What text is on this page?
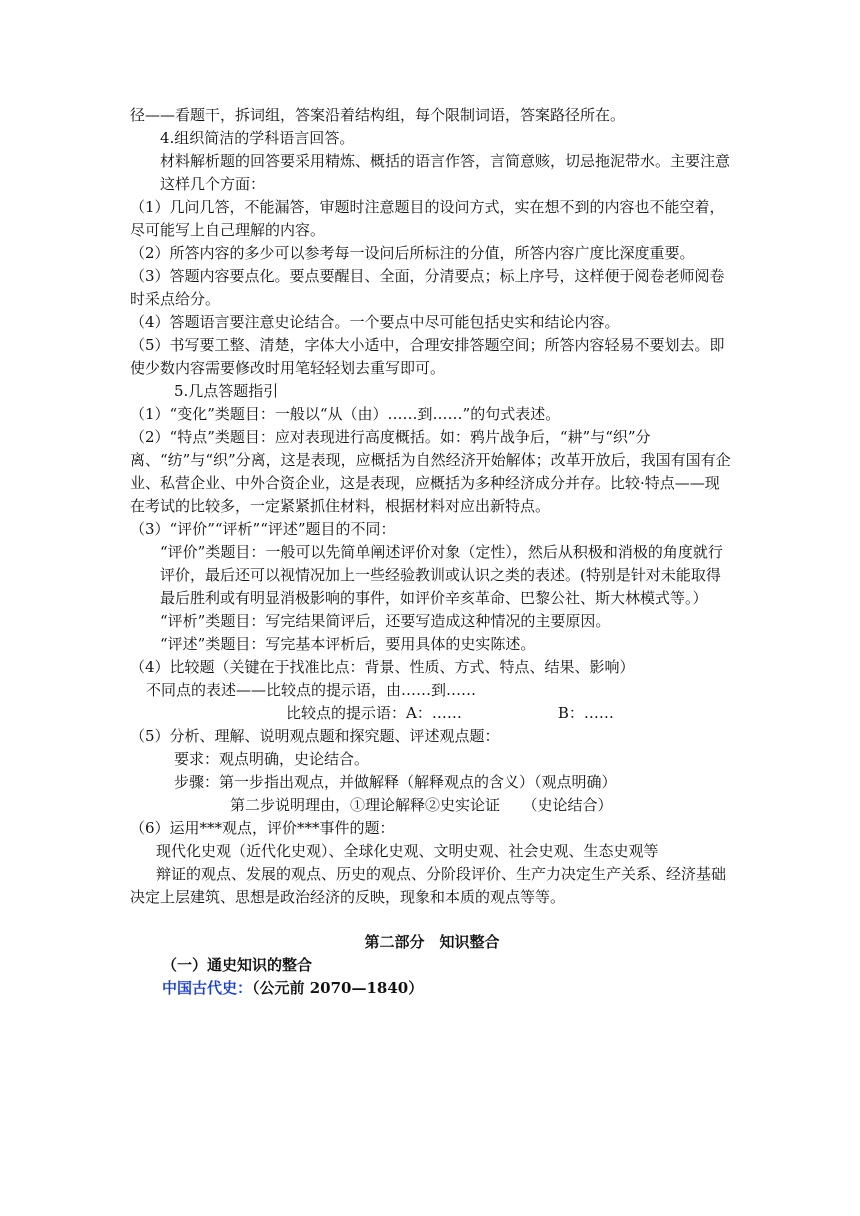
径——看题干，拆词组，答案沿着结构组，每个限制词语，答案路径所在。

4.组织简洁的学科语言回答。

材料解析题的回答要采用精炼、概括的语言作答，言简意赅，切忌拖泥带水。主要注意这样几个方面：

（1）几问几答，不能漏答，审题时注意题目的设问方式，实在想不到的内容也不能空着，尽可能写上自己理解的内容。

（2）所答内容的多少可以参考每一设问后所标注的分值，所答内容广度比深度重要。

（3）答题内容要点化。要点要醒目、全面，分清要点；标上序号，这样便于阅卷老师阅卷时采点给分。

（4）答题语言要注意史论结合。一个要点中尽可能包括史实和结论内容。

（5）书写要工整、清楚，字体大小适中，合理安排答题空间；所答内容轻易不要划去。即使少数内容需要修改时用笔轻轻划去重写即可。

5.几点答题指引

（1）“变化”类题目：一般以“从（由）……到……”的句式表述。

（2）“特点”类题目：应对表现进行高度概括。如：鸦片战争后，“耕”与“织”分离、“纺”与“织”分离，这是表现，应概括为自然经济开始解体；改革开放后，我国有国有企业、私营企业、中外合资企业，这是表现，应概括为多种经济成分并存。比较·特点——现在考试的比较多，一定紧紧抓住材料，根据材料对应出新特点。

（3）“评价”“评析”“评述”题目的不同：

“评价”类题目：一般可以先简单阐述评价对象（定性），然后从积极和消极的角度就行评价，最后还可以视情况加上一些经验教训或认识之类的表述。(特别是针对未能取得最后胜利或有明显消极影响的事件，如评价辛亥革命、巴黎公社、斯大林模式等。）

“评析”类题目：写完结果简评后，还要写造成这种情况的主要原因。

“评述”类题目：写完基本评析后，要用具体的史实陈述。

（4）比较题（关键在于找准比点：背景、性质、方式、特点、结果、影响）

不同点的表述——比较点的提示语，由……到……

比较点的提示语：A：……	B：……

（5）分析、理解、说明观点题和探究题、评述观点题：

要求：观点明确，史论结合。

步骤：第一步指出观点，并做解释（解释观点的含义）（观点明确）

第二步说明理由，①理论解释②史实论证　　（史论结合）

（6）运用***观点，评价***事件的题：

现代化史观（近代化史观）、全球化史观、文明史观、社会史观、生态史观等

辩证的观点、发展的观点、历史的观点、分阶段评价、生产力决定生产关系、经济基础决定上层建筑、思想是政治经济的反映，现象和本质的观点等等。

第二部分　知识整合

（一）通史知识的整合

中国古代史：（公元前 2070—1840）
